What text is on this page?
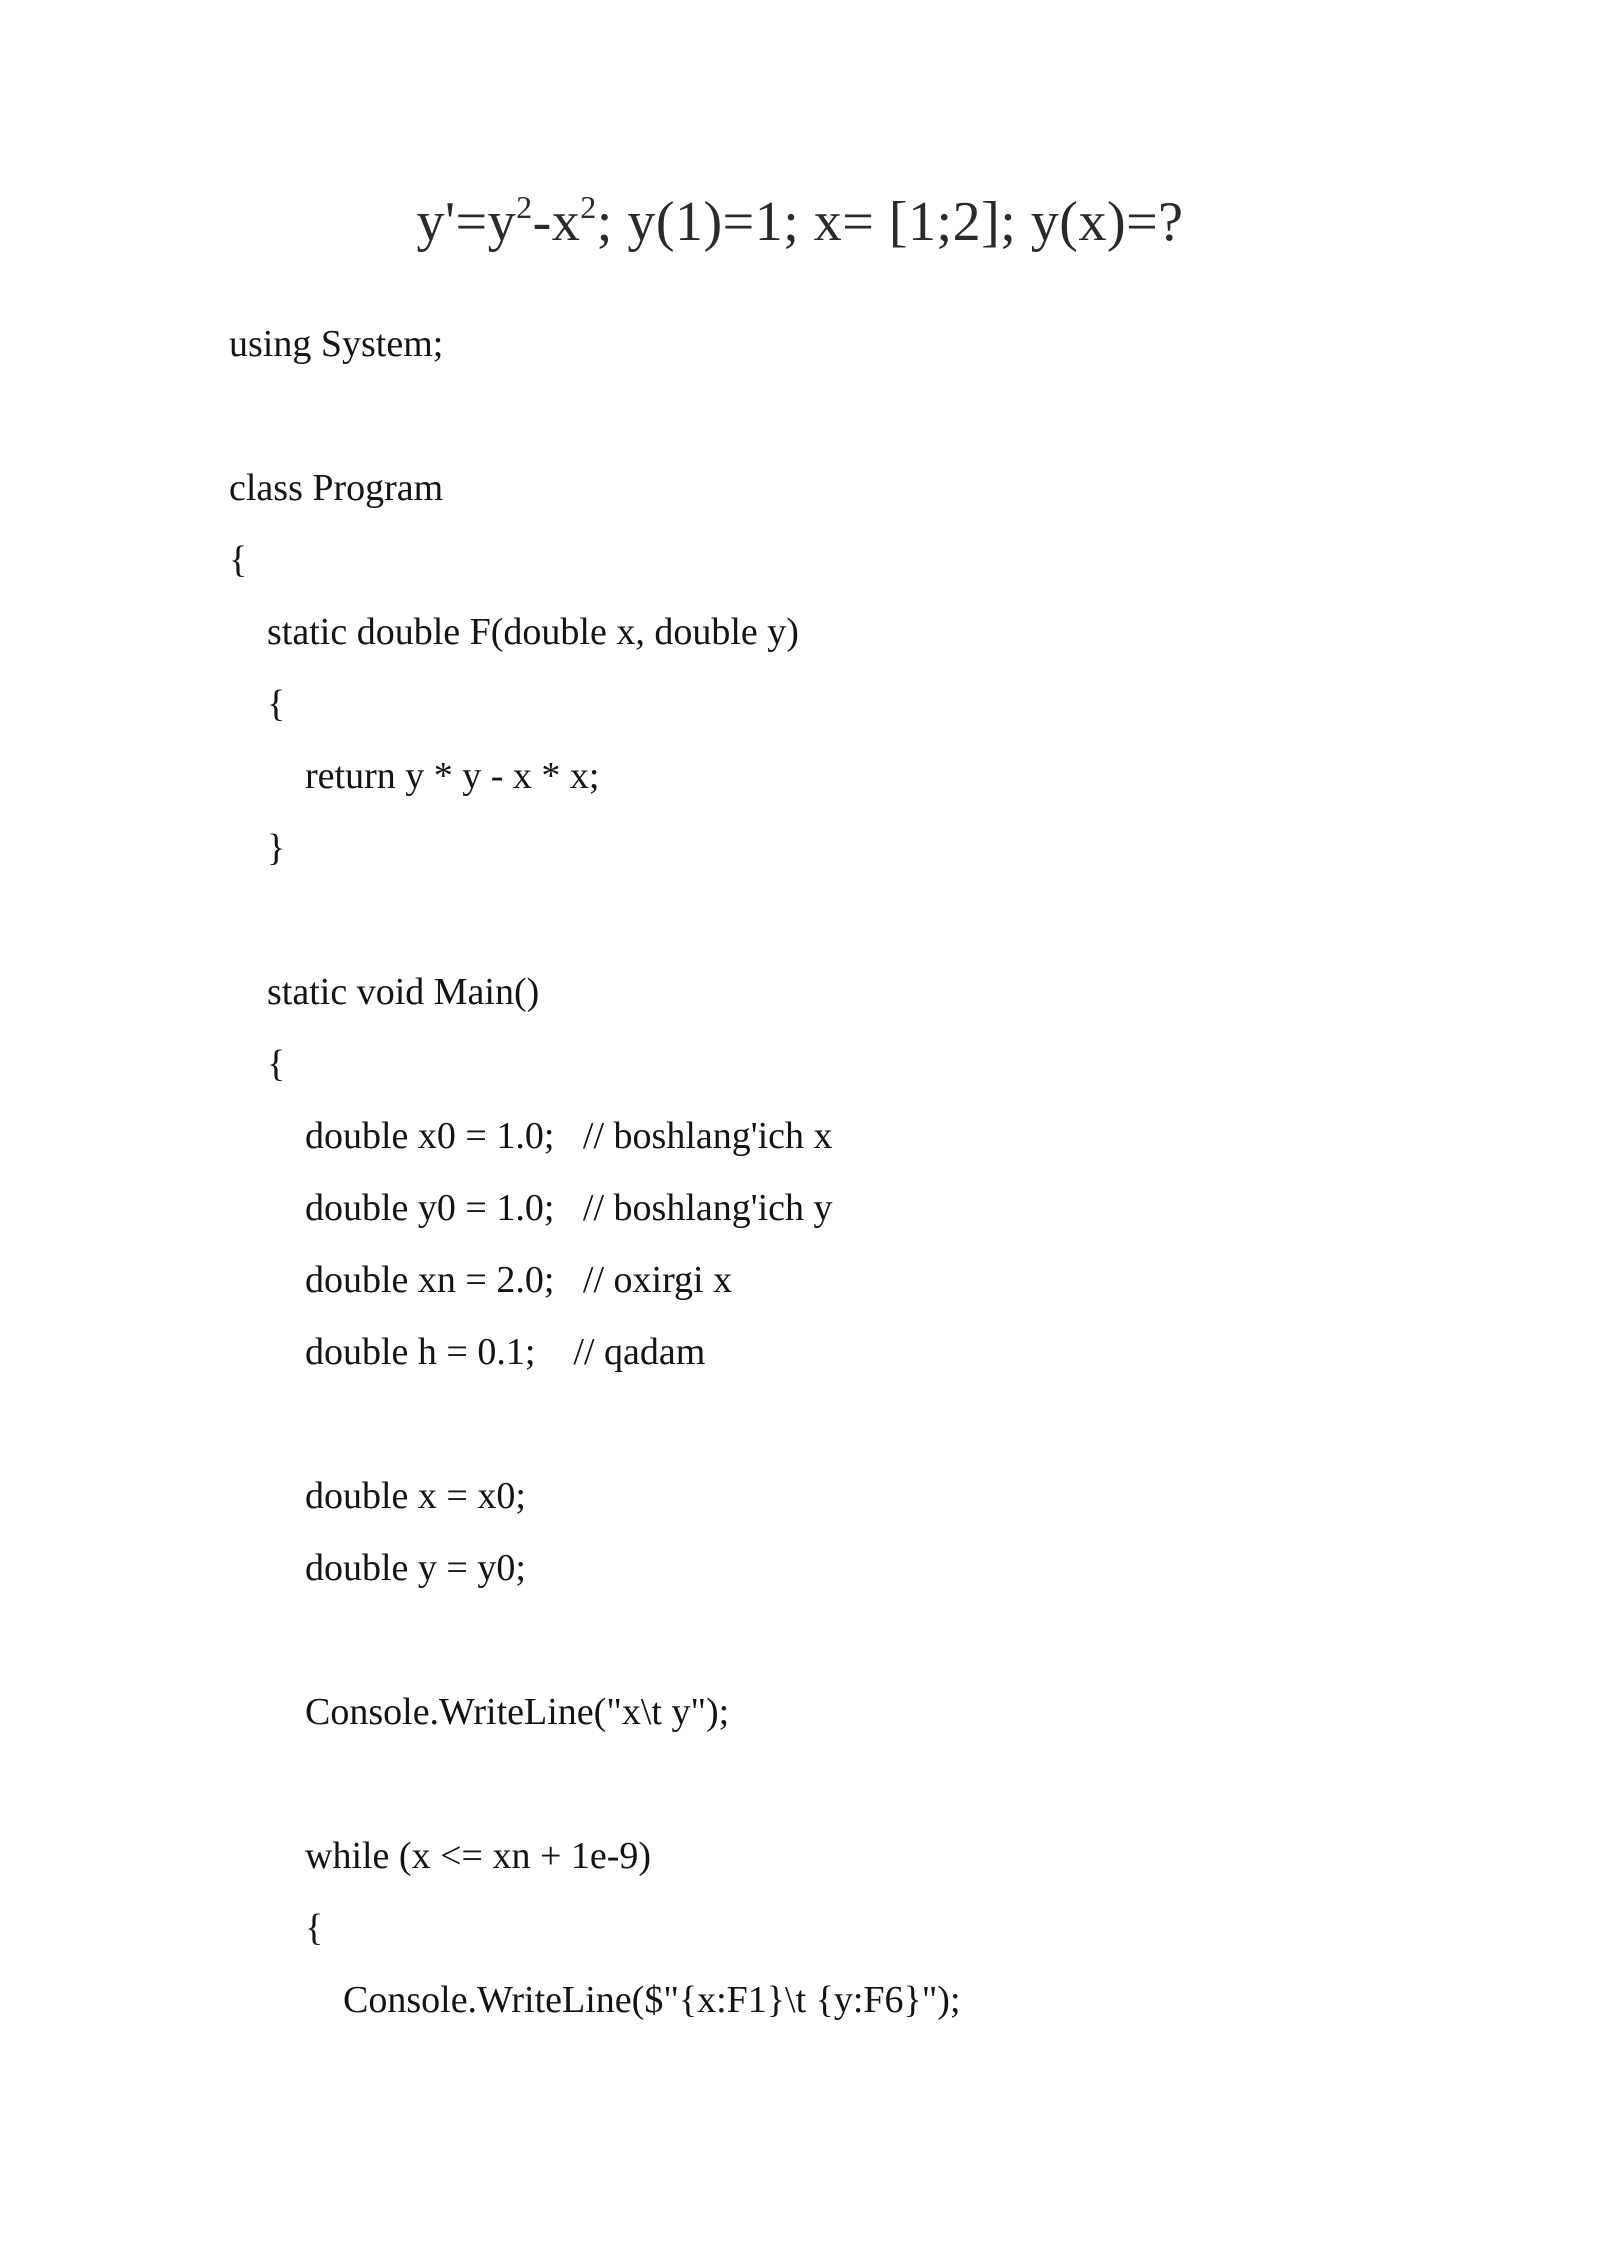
$y'=y^2-x^2$; y(1)=1; x= [1;2]; y(x)=?
using System;
class Program
{
static double F(double x, double y)
{
return y * y - x * x;
}
static void Main()
{
double x0 = 1.0;   // boshlang'ich x
double y0 = 1.0;   // boshlang'ich y
double xn = 2.0;   // oxirgi x
double h = 0.1;    // qadam
double x = x0;
double y = y0;
Console.WriteLine("x\t y");
while (x <= xn + 1e-9)
{
Console.WriteLine($"{x:F1}\t {y:F6}");
